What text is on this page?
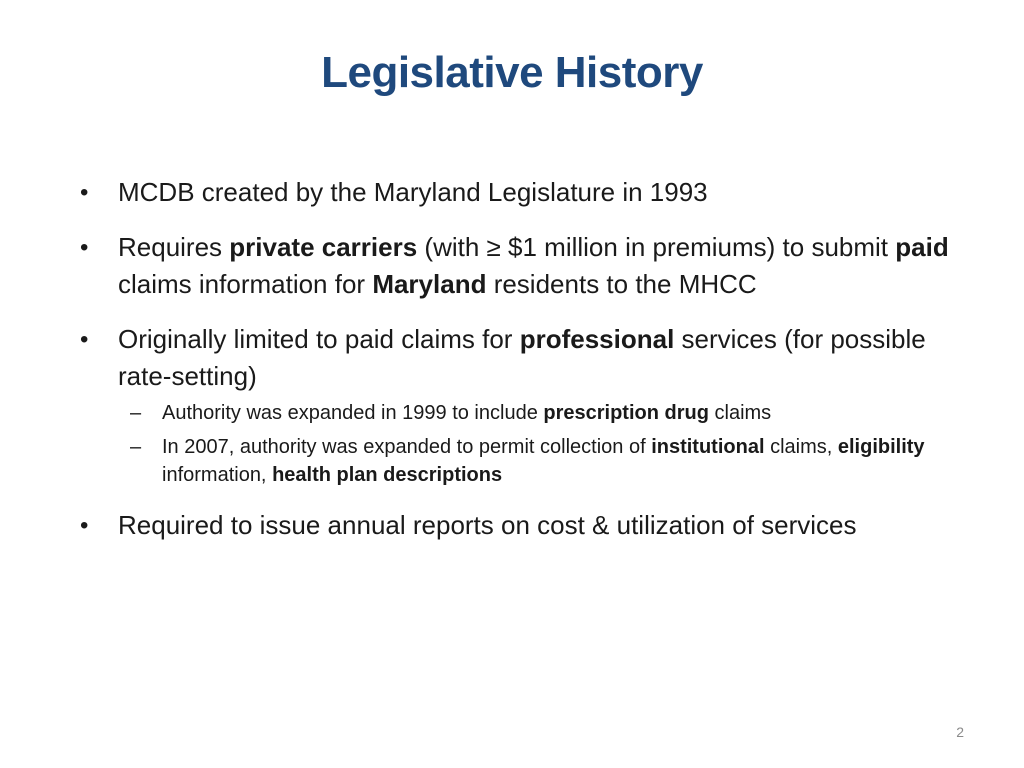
Legislative History
• MCDB created by the Maryland Legislature in 1993
• Requires private carriers (with ≥ $1 million in premiums) to submit paid claims information for Maryland residents to the MHCC
• Originally limited to paid claims for professional services (for possible rate-setting)
– Authority was expanded in 1999 to include prescription drug claims
– In 2007, authority was expanded to permit collection of institutional claims, eligibility information, health plan descriptions
• Required to issue annual reports on cost & utilization of services
2
